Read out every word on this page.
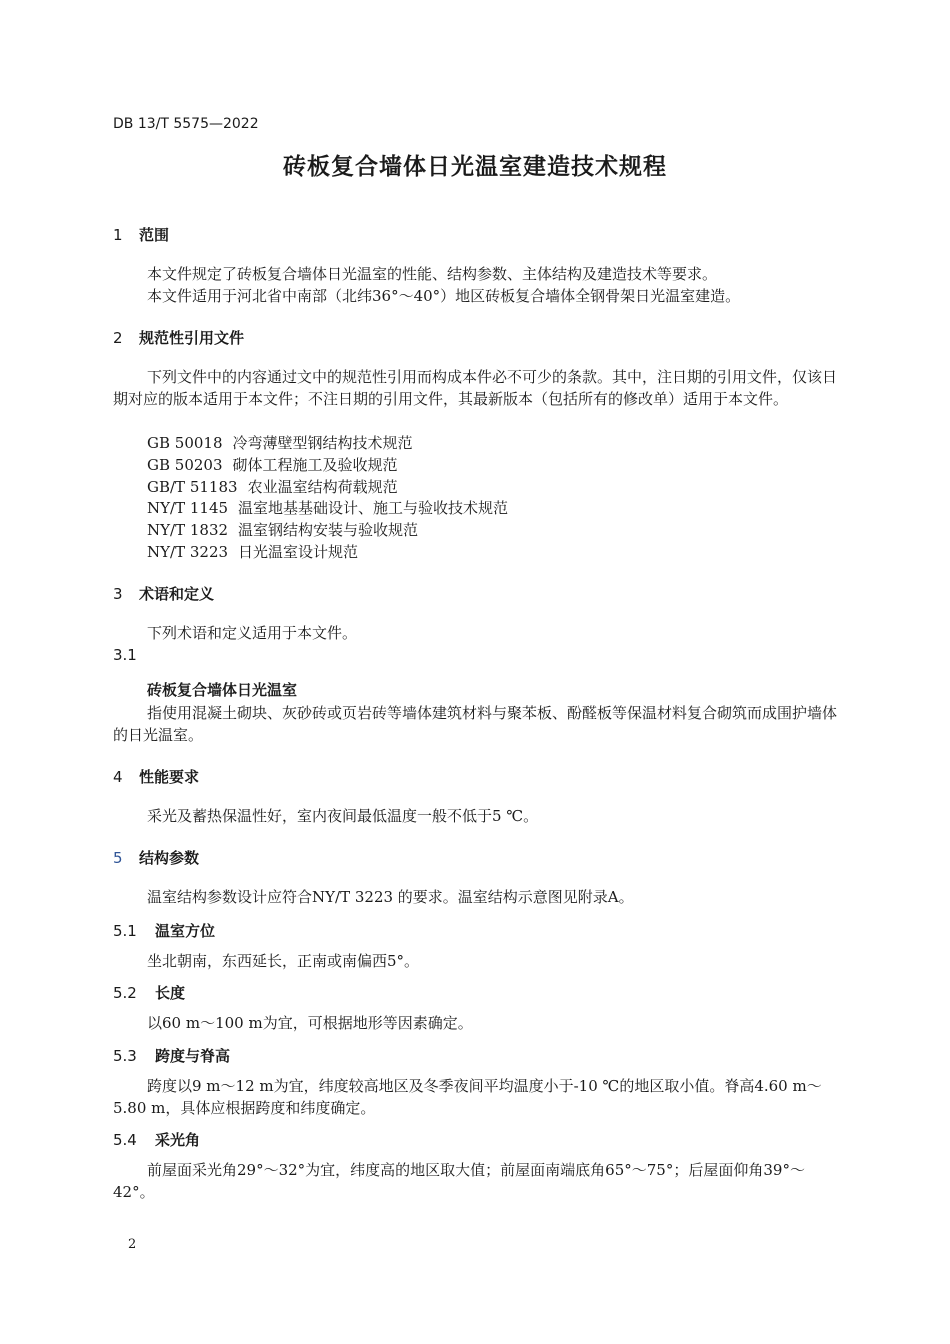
DB 13/T 5575—2022
砖板复合墙体日光温室建造技术规程
1 范围
本文件规定了砖板复合墙体日光温室的性能、结构参数、主体结构及建造技术等要求。
本文件适用于河北省中南部（北纬36°～40°）地区砖板复合墙体全钢骨架日光温室建造。
2 规范性引用文件
下列文件中的内容通过文中的规范性引用而构成本件必不可少的条款。其中，注日期的引用文件，仅该日期对应的版本适用于本文件；不注日期的引用文件，其最新版本（包括所有的修改单）适用于本文件。
GB 50018 冷弯薄壁型钢结构技术规范
GB 50203 砌体工程施工及验收规范
GB/T 51183 农业温室结构荷载规范
NY/T 1145 温室地基基础设计、施工与验收技术规范
NY/T 1832 温室钢结构安装与验收规范
NY/T 3223 日光温室设计规范
3 术语和定义
下列术语和定义适用于本文件。
3.1
砖板复合墙体日光温室
指使用混凝土砌块、灰砂砖或页岩砖等墙体建筑材料与聚苯板、酚醛板等保温材料复合砌筑而成围护墙体的日光温室。
4 性能要求
采光及蓄热保温性好，室内夜间最低温度一般不低于5 ℃。
5 结构参数
温室结构参数设计应符合NY/T 3223 的要求。温室结构示意图见附录A。
5.1 温室方位
坐北朝南，东西延长，正南或南偏西5°。
5.2 长度
以60 m～100 m为宜，可根据地形等因素确定。
5.3 跨度与脊高
跨度以9 m～12 m为宜，纬度较高地区及冬季夜间平均温度小于-10 ℃的地区取小值。脊高4.60 m～5.80 m，具体应根据跨度和纬度确定。
5.4 采光角
前屋面采光角29°～32°为宜，纬度高的地区取大值；前屋面南端底角65°～75°；后屋面仰角39°～42°。
2
